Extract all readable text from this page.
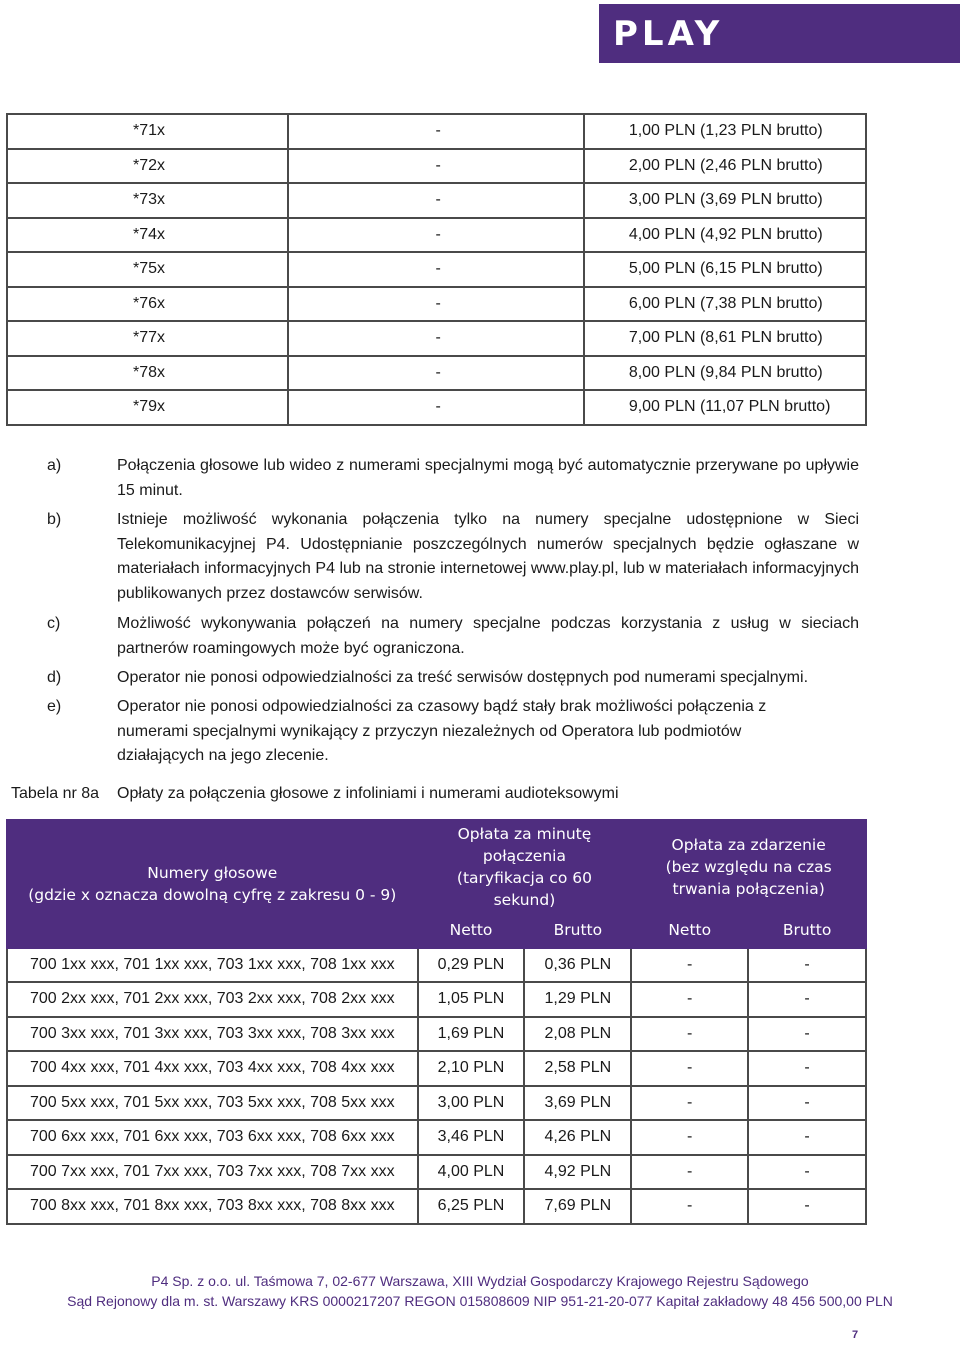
PLAY
*71x	-	1,00 PLN (1,23 PLN brutto)
*72x	-	2,00 PLN (2,46 PLN brutto)
*73x	-	3,00 PLN (3,69 PLN brutto)
*74x	-	4,00 PLN (4,92 PLN brutto)
*75x	-	5,00 PLN (6,15 PLN brutto)
*76x	-	6,00 PLN (7,38 PLN brutto)
*77x	-	7,00 PLN (8,61 PLN brutto)
*78x	-	8,00 PLN (9,84 PLN brutto)
*79x	-	9,00 PLN (11,07 PLN brutto)
a)	Połączenia głosowe lub wideo z numerami specjalnymi mogą być automatycznie przerywane po upływie 15 minut.
b)	Istnieje możliwość wykonania połączenia tylko na numery specjalne udostępnione w Sieci Telekomunikacyjnej P4. Udostępnianie poszczególnych numerów specjalnych będzie ogłaszane w materiałach informacyjnych P4 lub na stronie internetowej www.play.pl, lub w materiałach informacyjnych publikowanych przez dostawców serwisów.
c)	Możliwość wykonywania połączeń na numery specjalne podczas korzystania z usług w sieciach partnerów roamingowych może być ograniczona.
d)	Operator nie ponosi odpowiedzialności za treść serwisów dostępnych pod numerami specjalnymi.
e)	Operator nie ponosi odpowiedzialności za czasowy bądź stały brak możliwości połączenia z numerami specjalnymi wynikający z przyczyn niezależnych od Operatora lub podmiotów działających na jego zlecenie.
Tabela nr 8a Opłaty za połączenia głosowe z infoliniami i numerami audioteksowymi
Numery głosowe
(gdzie x oznacza dowolną cyfrę z zakresu 0 - 9)	Opłata za minutę połączenia (taryfikacja co 60 sekund)		Opłata za zdarzenie (bez względu na czas trwania połączenia)	
	Netto	Brutto	Netto	Brutto
700 1xx xxx, 701 1xx xxx, 703 1xx xxx, 708 1xx xxx	0,29 PLN	0,36 PLN	-	-
700 2xx xxx, 701 2xx xxx, 703 2xx xxx, 708 2xx xxx	1,05 PLN	1,29 PLN	-	-
700 3xx xxx, 701 3xx xxx, 703 3xx xxx, 708 3xx xxx	1,69 PLN	2,08 PLN	-	-
700 4xx xxx, 701 4xx xxx, 703 4xx xxx, 708 4xx xxx	2,10 PLN	2,58 PLN	-	-
700 5xx xxx, 701 5xx xxx, 703 5xx xxx, 708 5xx xxx	3,00 PLN	3,69 PLN	-	-
700 6xx xxx, 701 6xx xxx, 703 6xx xxx, 708 6xx xxx	3,46 PLN	4,26 PLN	-	-
700 7xx xxx, 701 7xx xxx, 703 7xx xxx, 708 7xx xxx	4,00 PLN	4,92 PLN	-	-
700 8xx xxx, 701 8xx xxx, 703 8xx xxx, 708 8xx xxx	6,25 PLN	7,69 PLN	-	-
P4 Sp. z o.o. ul. Taśmowa 7, 02-677 Warszawa, XIII Wydział Gospodarczy Krajowego Rejestru Sądowego
Sąd Rejonowy dla m. st. Warszawy KRS 0000217207 REGON 015808609 NIP 951-21-20-077 Kapitał zakładowy 48 456 500,00 PLN
7
